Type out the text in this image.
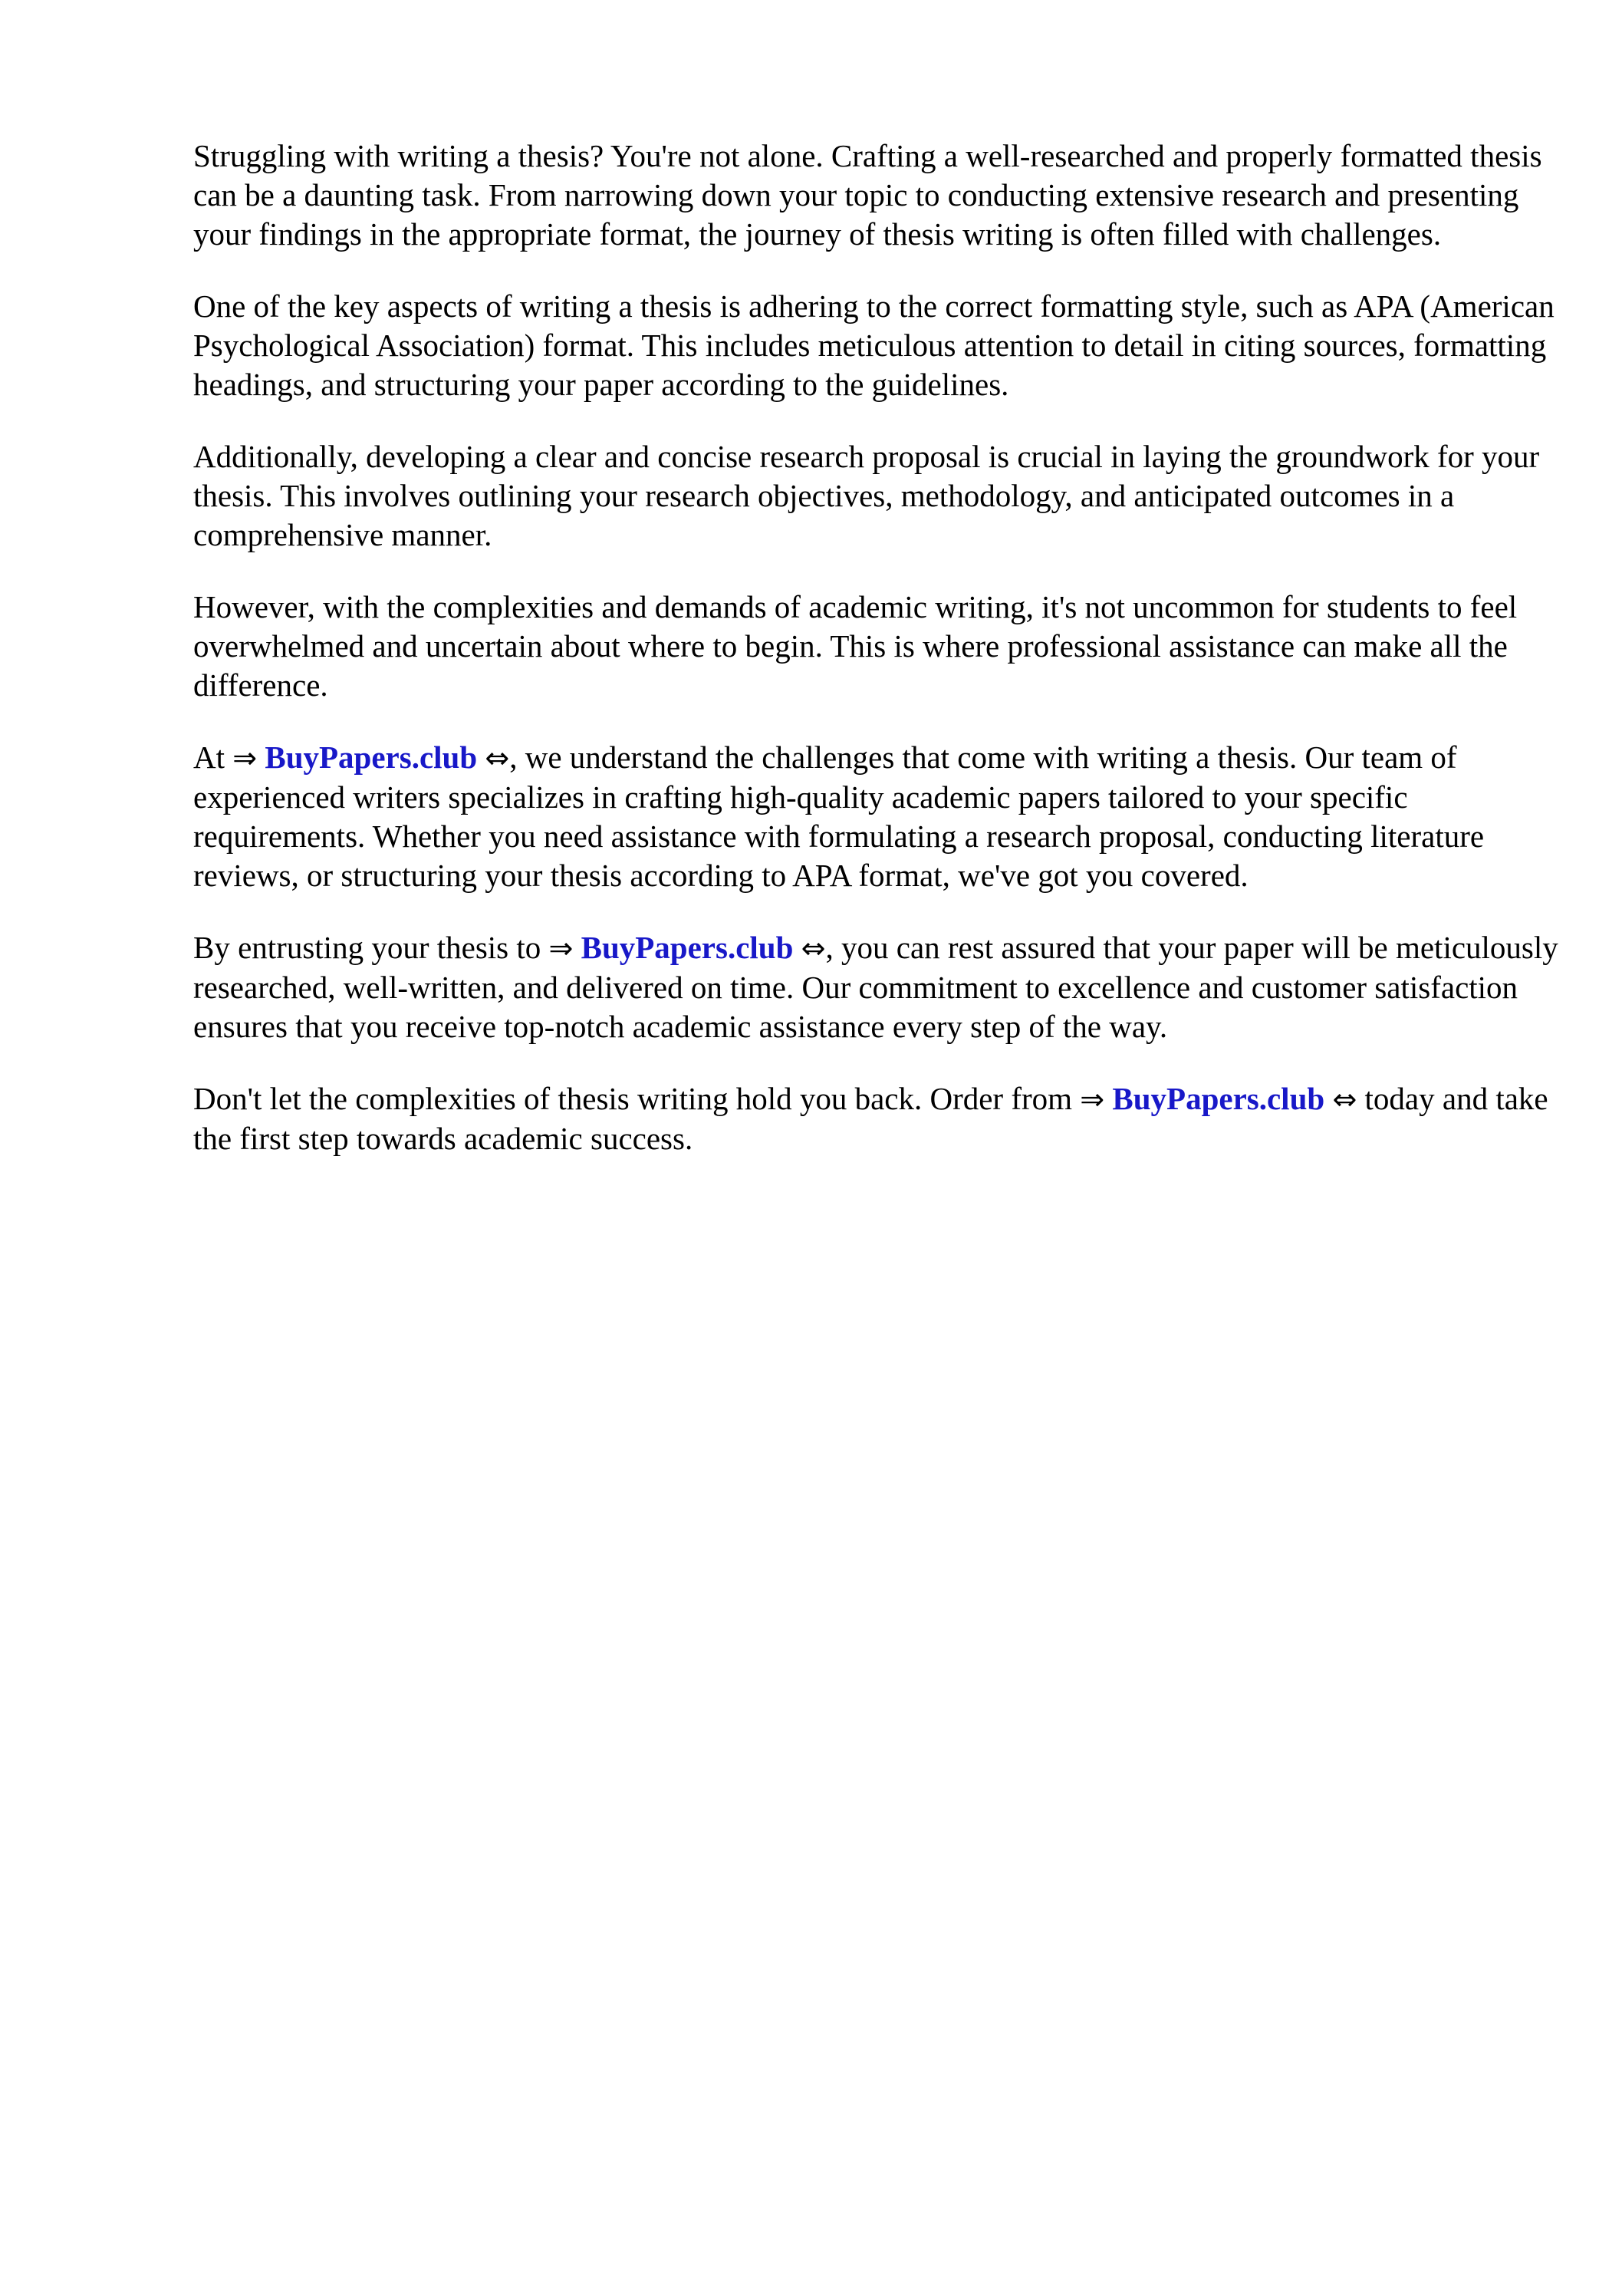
Struggling with writing a thesis? You're not alone. Crafting a well-researched and properly formatted thesis can be a daunting task. From narrowing down your topic to conducting extensive research and presenting your findings in the appropriate format, the journey of thesis writing is often filled with challenges.

One of the key aspects of writing a thesis is adhering to the correct formatting style, such as APA (American Psychological Association) format. This includes meticulous attention to detail in citing sources, formatting headings, and structuring your paper according to the guidelines.

Additionally, developing a clear and concise research proposal is crucial in laying the groundwork for your thesis. This involves outlining your research objectives, methodology, and anticipated outcomes in a comprehensive manner.

However, with the complexities and demands of academic writing, it's not uncommon for students to feel overwhelmed and uncertain about where to begin. This is where professional assistance can make all the difference.

At ⇒ BuyPapers.club ⇔, we understand the challenges that come with writing a thesis. Our team of experienced writers specializes in crafting high-quality academic papers tailored to your specific requirements. Whether you need assistance with formulating a research proposal, conducting literature reviews, or structuring your thesis according to APA format, we've got you covered.

By entrusting your thesis to ⇒ BuyPapers.club ⇔, you can rest assured that your paper will be meticulously researched, well-written, and delivered on time. Our commitment to excellence and customer satisfaction ensures that you receive top-notch academic assistance every step of the way.

Don't let the complexities of thesis writing hold you back. Order from ⇒ BuyPapers.club ⇔ today and take the first step towards academic success.
